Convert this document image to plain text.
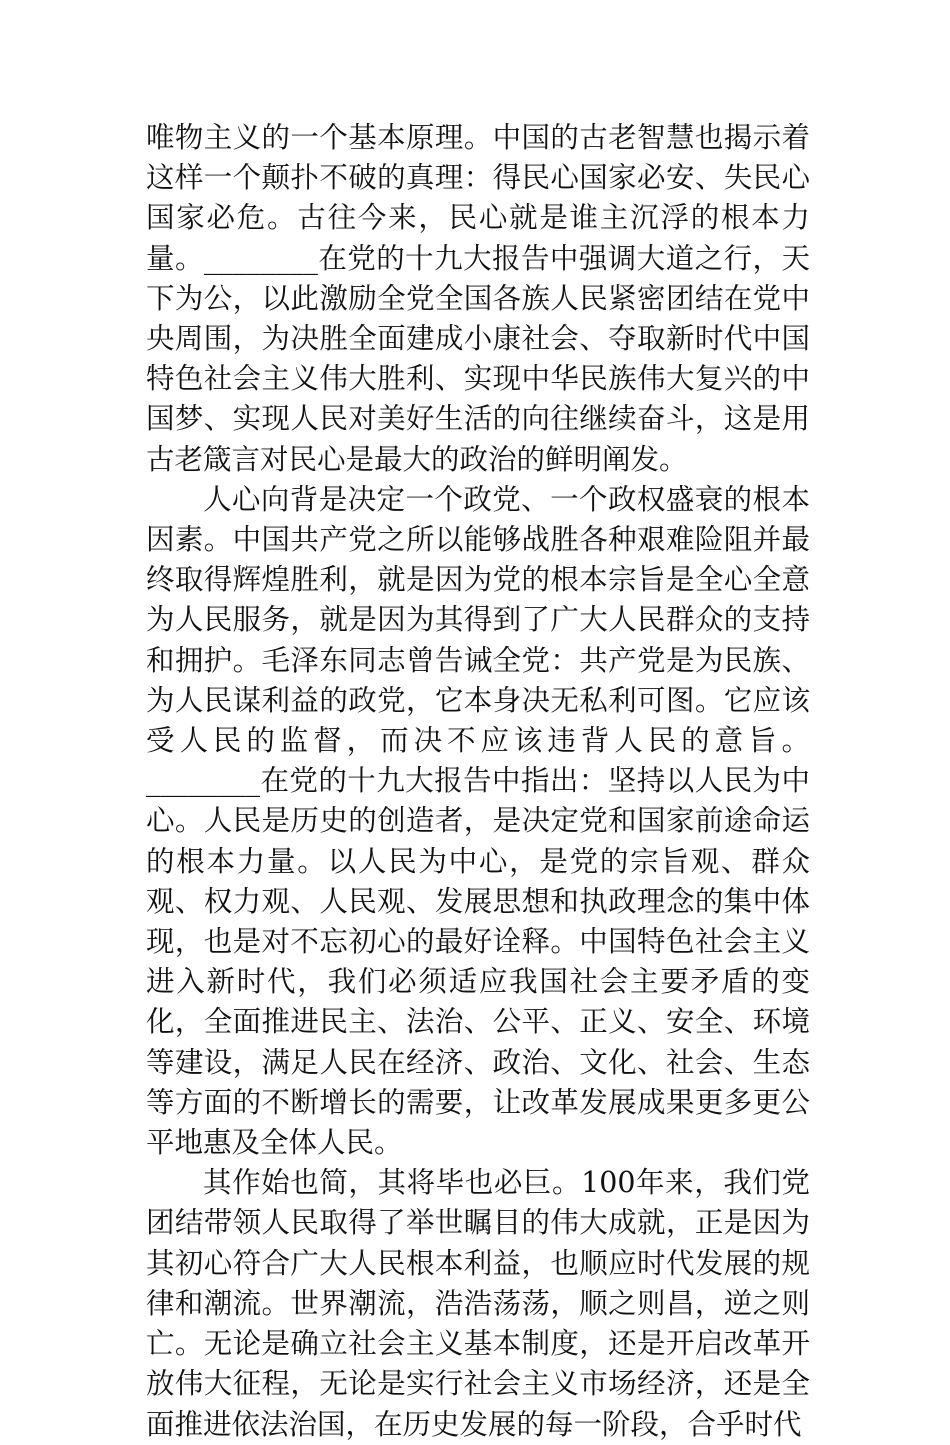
唯物主义的一个基本原理。中国的古老智慧也揭示着这样一个颠扑不破的真理：得民心国家必安、失民心国家必危。古往今来，民心就是谁主沉浮的根本力量。________在党的十九大报告中强调大道之行，天下为公，以此激励全党全国各族人民紧密团结在党中央周围，为决胜全面建成小康社会、夺取新时代中国特色社会主义伟大胜利、实现中华民族伟大复兴的中国梦、实现人民对美好生活的向往继续奋斗，这是用古老箴言对民心是最大的政治的鲜明阐发。

人心向背是决定一个政党、一个政权盛衰的根本因素。中国共产党之所以能够战胜各种艰难险阻并最终取得辉煌胜利，就是因为党的根本宗旨是全心全意为人民服务，就是因为其得到了广大人民群众的支持和拥护。毛泽东同志曾告诫全党：共产党是为民族、为人民谋利益的政党，它本身决无私利可图。它应该受人民的监督，而决不应该违背人民的意旨。________在党的十九大报告中指出：坚持以人民为中心。人民是历史的创造者，是决定党和国家前途命运的根本力量。以人民为中心，是党的宗旨观、群众观、权力观、人民观、发展思想和执政理念的集中体现，也是对不忘初心的最好诠释。中国特色社会主义进入新时代，我们必须适应我国社会主要矛盾的变化，全面推进民主、法治、公平、正义、安全、环境等建设，满足人民在经济、政治、文化、社会、生态等方面的不断增长的需要，让改革发展成果更多更公平地惠及全体人民。

其作始也简，其将毕也必巨。100年来，我们党团结带领人民取得了举世瞩目的伟大成就，正是因为其初心符合广大人民根本利益，也顺应时代发展的规律和潮流。世界潮流，浩浩荡荡，顺之则昌，逆之则亡。无论是确立社会主义基本制度，还是开启改革开放伟大征程，无论是实行社会主义市场经济，还是全面推进依法治国，在历史发展的每一阶段，合乎时代
